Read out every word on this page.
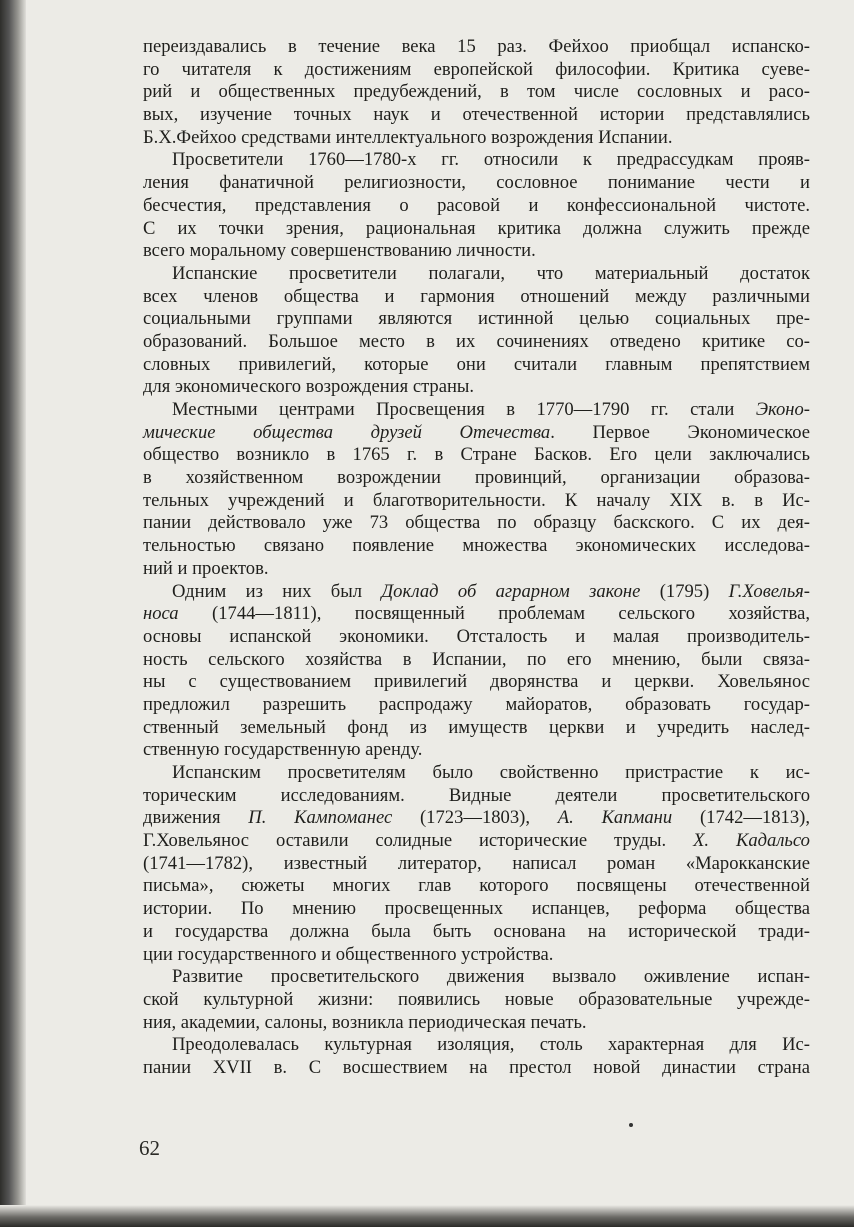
переиздавались в течение века 15 раз. Фейхоо приобщал испанско-
го читателя к достижениям европейской философии. Критика суеве-
рий и общественных предубеждений, в том числе сословных и расо-
вых, изучение точных наук и отечественной истории представлялись
Б.Х.Фейхоо средствами интеллектуального возрождения Испании.
Просветители 1760—1780-х гг. относили к предрассудкам прояв-
ления фанатичной религиозности, сословное понимание чести и
бесчестия, представления о расовой и конфессиональной чистоте.
С их точки зрения, рациональная критика должна служить прежде
всего моральному совершенствованию личности.
Испанские просветители полагали, что материальный достаток
всех членов общества и гармония отношений между различными
социальными группами являются истинной целью социальных пре-
образований. Большое место в их сочинениях отведено критике со-
словных привилегий, которые они считали главным препятствием
для экономического возрождения страны.
Местными центрами Просвещения в 1770—1790 гг. стали Эконо-
мические общества друзей Отечества. Первое Экономическое
общество возникло в 1765 г. в Стране Басков. Его цели заключались
в хозяйственном возрождении провинций, организации образова-
тельных учреждений и благотворительности. К началу XIX в. в Ис-
пании действовало уже 73 общества по образцу баскского. С их дея-
тельностью связано появление множества экономических исследова-
ний и проектов.
Одним из них был Доклад об аграрном законе (1795) Г.Ховелья-
носа (1744—1811), посвященный проблемам сельского хозяйства,
основы испанской экономики. Отсталость и малая производитель-
ность сельского хозяйства в Испании, по его мнению, были связа-
ны с существованием привилегий дворянства и церкви. Ховельянос
предложил разрешить распродажу майоратов, образовать государ-
ственный земельный фонд из имуществ церкви и учредить наслед-
ственную государственную аренду.
Испанским просветителям было свойственно пристрастие к ис-
торическим исследованиям. Видные деятели просветительского
движения П. Кампоманес (1723—1803), А. Капмани (1742—1813),
Г.Ховельянос оставили солидные исторические труды. Х. Кадальсо
(1741—1782), известный литератор, написал роман «Марокканские
письма», сюжеты многих глав которого посвящены отечественной
истории. По мнению просвещенных испанцев, реформа общества
и государства должна была быть основана на исторической тради-
ции государственного и общественного устройства.
Развитие просветительского движения вызвало оживление испан-
ской культурной жизни: появились новые образовательные учрежде-
ния, академии, салоны, возникла периодическая печать.
Преодолевалась культурная изоляция, столь характерная для Ис-
пании XVII в. С восшествием на престол новой династии страна
62
